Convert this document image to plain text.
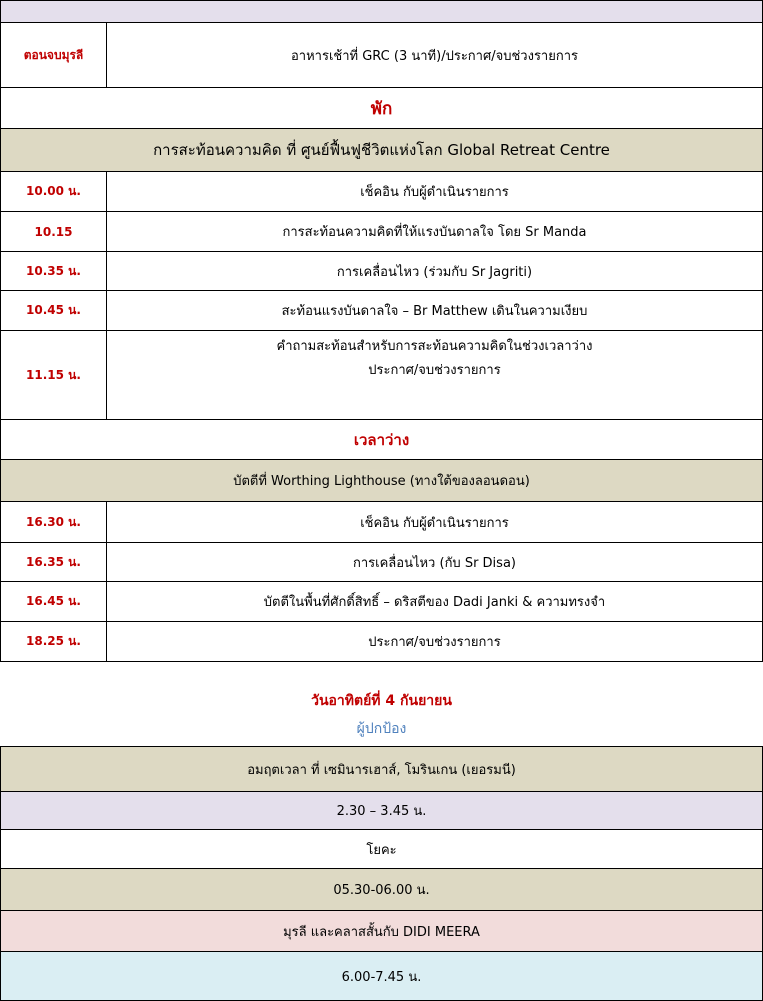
ตอนจบมุรลี	อาหารเช้าที่ GRC (3 นาที)/ประกาศ/จบช่วงรายการ
พัก	
การสะท้อนความคิด ที่ ศูนย์ฟื้นฟูชีวิตแห่งโลก Global Retreat Centre	
10.00 น.	เช็คอิน กับผู้ดำเนินรายการ
10.15	การสะท้อนความคิดที่ให้แรงบันดาลใจ โดย Sr Manda
10.35 น.	การเคลื่อนไหว (ร่วมกับ Sr Jagriti)
10.45 น.	สะท้อนแรงบันดาลใจ – Br Matthew เดินในความเงียบ
11.15 น.	คำถามสะท้อนสำหรับการสะท้อนความคิดในช่วงเวลาว่าง
ประกาศ/จบช่วงรายการ

เวลาว่าง	
บัตตีที่ Worthing Lighthouse (ทางใต้ของลอนดอน)	
16.30 น.	เช็คอิน กับผู้ดำเนินรายการ
16.35 น.	การเคลื่อนไหว (กับ Sr Disa)
16.45 น.	บัตตีในพื้นที่ศักดิ์สิทธิ์ – ดริสตีของ Dadi Janki & ความทรงจำ
18.25 น.	ประกาศ/จบช่วงรายการ
วันอาทิตย์ที่ 4 กันยายน
ผู้ปกป้อง
อมฤตเวลา ที่ เซมินารเฮาส์, โมรินเกน (เยอรมนี)
2.30 – 3.45 น.
โยคะ
05.30-06.00 น.
มุรลี และคลาสสั้นกับ DIDI MEERA
6.00-7.45 น.
